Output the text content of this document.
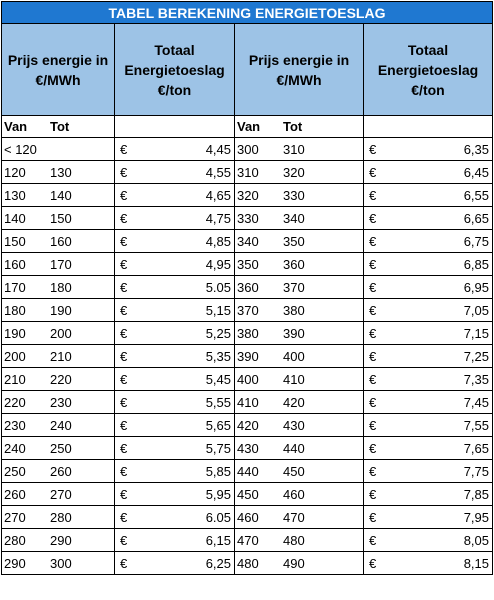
TABEL BEREKENING ENERGIETOESLAG			
Prijs energie in €/MWh	Totaal Energietoeslag €/ton	Prijs energie in €/MWh	Totaal Energietoeslag €/ton

Van Tot		Van Tot	

< 120	€ 4,45	300 310	€ 6,35

120 130	€ 4,55	310 320	€ 6,45

130 140	€ 4,65	320 330	€ 6,55

140 150	€ 4,75	330 340	€ 6,65

150 160	€ 4,85	340 350	€ 6,75

160 170	€ 4,95	350 360	€ 6,85

170 180	€ 5.05	360 370	€ 6,95

180 190	€ 5,15	370 380	€ 7,05

190 200	€ 5,25	380 390	€ 7,15

200 210	€ 5,35	390 400	€ 7,25

210 220	€ 5,45	400 410	€ 7,35

220 230	€ 5,55	410 420	€ 7,45

230 240	€ 5,65	420 430	€ 7,55

240 250	€ 5,75	430 440	€ 7,65

250 260	€ 5,85	440 450	€ 7,75

260 270	€ 5,95	450 460	€ 7,85

270 280	€ 6.05	460 470	€ 7,95

280 290	€ 6,15	470 480	€ 8,05

290 300	€ 6,25	480 490	€ 8,15
